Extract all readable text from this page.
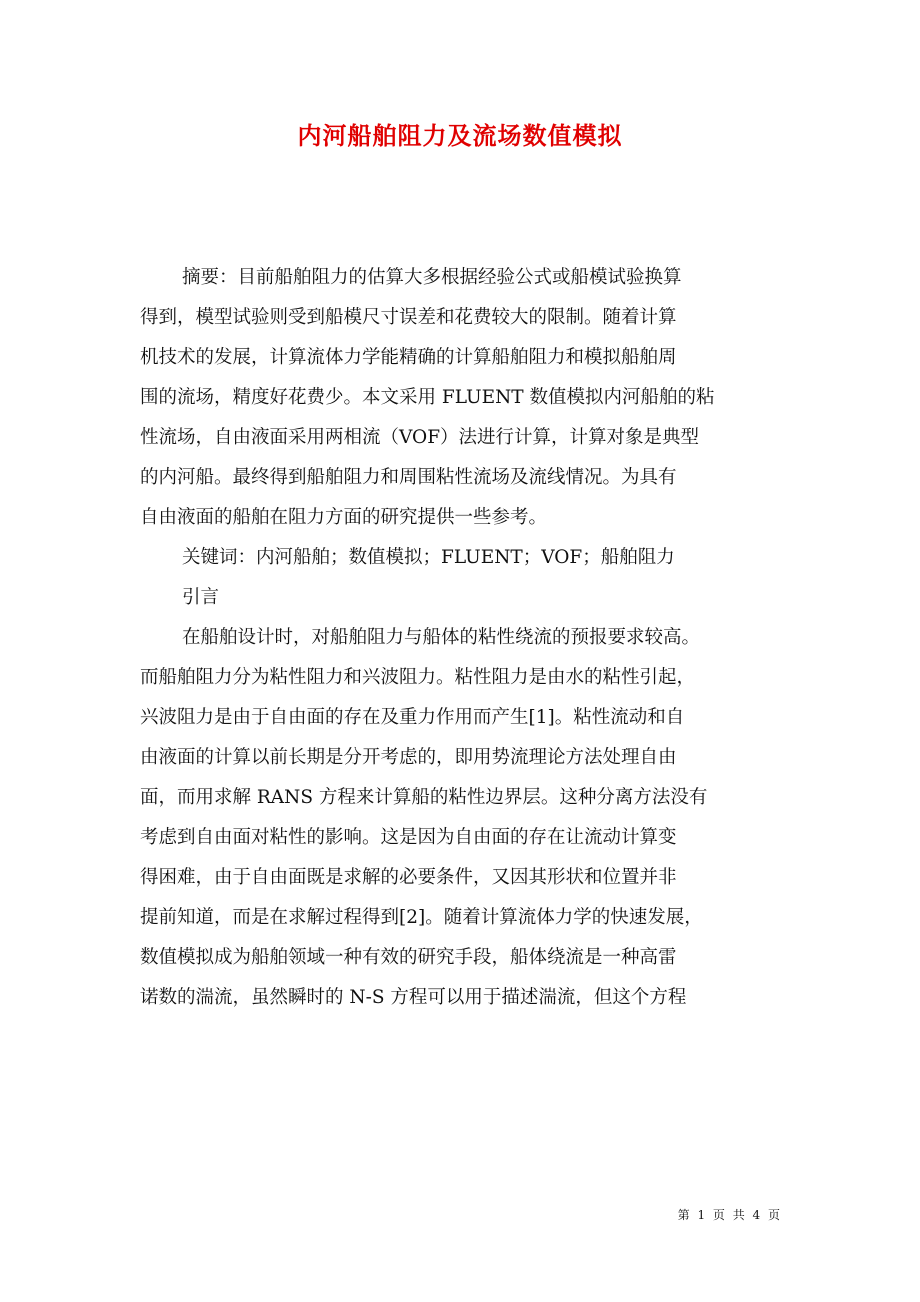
内河船舶阻力及流场数值模拟
摘要：目前船舶阻力的估算大多根据经验公式或船模试验换算
得到，模型试验则受到船模尺寸误差和花费较大的限制。随着计算
机技术的发展，计算流体力学能精确的计算船舶阻力和模拟船舶周
围的流场，精度好花费少。本文采用 FLUENT 数值模拟内河船舶的粘
性流场，自由液面采用两相流（VOF）法进行计算，计算对象是典型
的内河船。最终得到船舶阻力和周围粘性流场及流线情况。为具有
自由液面的船舶在阻力方面的研究提供一些参考。
关键词：内河船舶；数值模拟；FLUENT；VOF；船舶阻力
引言
在船舶设计时，对船舶阻力与船体的粘性绕流的预报要求较高。
而船舶阻力分为粘性阻力和兴波阻力。粘性阻力是由水的粘性引起，
兴波阻力是由于自由面的存在及重力作用而产生[1]。粘性流动和自
由液面的计算以前长期是分开考虑的，即用势流理论方法处理自由
面，而用求解 RANS 方程来计算船的粘性边界层。这种分离方法没有
考虑到自由面对粘性的影响。这是因为自由面的存在让流动计算变
得困难，由于自由面既是求解的必要条件，又因其形状和位置并非
提前知道，而是在求解过程得到[2]。随着计算流体力学的快速发展，
数值模拟成为船舶领域一种有效的研究手段，船体绕流是一种高雷
诺数的湍流，虽然瞬时的 N-S 方程可以用于描述湍流，但这个方程
第 1 页 共 4 页
